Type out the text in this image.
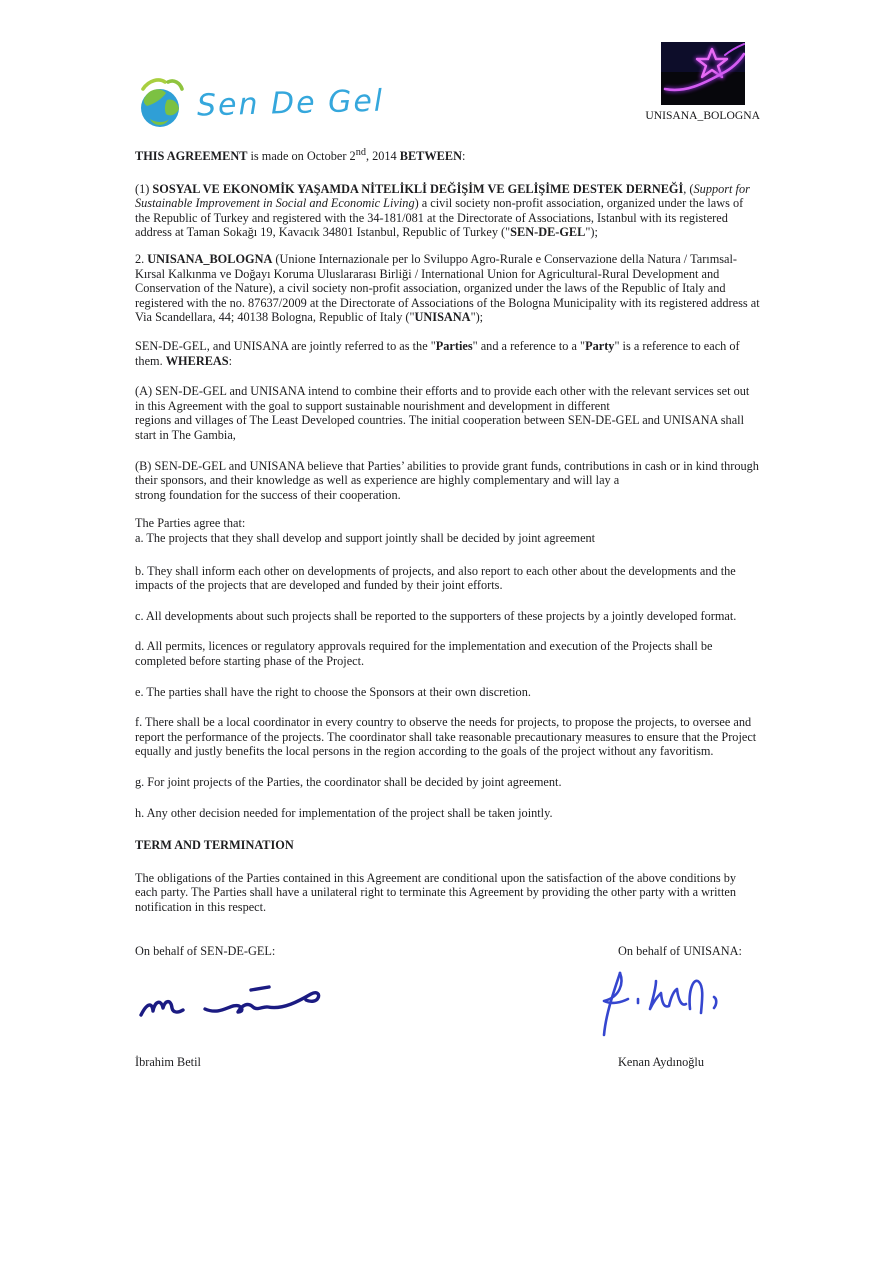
Sen De Gel	UNISANA_BOLOGNA

THIS AGREEMENT is made on October 2nd, 2014 BETWEEN:

(1) SOSYAL VE EKONOMİK YAŞAMDA NİTELİKLİ DEĞİŞİM VE GELİŞİME DESTEK DERNEĞİ, (Support for Sustainable Improvement in Social and Economic Living) a civil society non-profit association, organized under the laws of the Republic of Turkey and registered with the 34-181/081 at the Directorate of Associations, Istanbul with its registered address at Taman Sokağı 19, Kavacık 34801 Istanbul, Republic of Turkey ("SEN-DE-GEL");

2. UNISANA_BOLOGNA (Unione Internazionale per lo Sviluppo Agro-Rurale e Conservazione della Natura / Tarımsal-Kırsal Kalkınma ve Doğayı Koruma Uluslararası Birliği / International Union for Agricultural-Rural Development and Conservation of the Nature), a civil society non-profit association, organized under the laws of the Republic of Italy and registered with the no. 87637/2009 at the Directorate of Associations of the Bologna Municipality with its registered address at Via Scandellara, 44; 40138 Bologna, Republic of Italy ("UNISANA");

SEN-DE-GEL, and UNISANA are jointly referred to as the "Parties" and a reference to a "Party" is a reference to each of them. WHEREAS:

(A) SEN-DE-GEL and UNISANA intend to combine their efforts and to provide each other with the relevant services set out in this Agreement with the goal to support sustainable nourishment and development in different
regions and villages of The Least Developed countries. The initial cooperation between SEN-DE-GEL and UNISANA shall start in The Gambia,

(B) SEN-DE-GEL and UNISANA believe that Parties’ abilities to provide grant funds, contributions in cash or in kind through their sponsors, and their knowledge as well as experience are highly complementary and will lay a
strong foundation for the success of their cooperation.

The Parties agree that:
a. The projects that they shall develop and support jointly shall be decided by joint agreement

b. They shall inform each other on developments of projects, and also report to each other about the developments and the impacts of the projects that are developed and funded by their joint efforts.

c. All developments about such projects shall be reported to the supporters of these projects by a jointly developed format.

d. All permits, licences or regulatory approvals required for the implementation and execution of the Projects shall be completed before starting phase of the Project.

e. The parties shall have the right to choose the Sponsors at their own discretion.

f. There shall be a local coordinator in every country to observe the needs for projects, to propose the projects, to oversee and report the performance of the projects. The coordinator shall take reasonable precautionary measures to ensure that the Project equally and justly benefits the local persons in the region according to the goals of the project without any favoritism.

g. For joint projects of the Parties, the coordinator shall be decided by joint agreement.

h. Any other decision needed for implementation of the project shall be taken jointly.

TERM AND TERMINATION

The obligations of the Parties contained in this Agreement are conditional upon the satisfaction of the above conditions by each party. The Parties shall have a unilateral right to terminate this Agreement by providing the other party with a written notification in this respect.

On behalf of SEN-DE-GEL:
İbrahim Betil
On behalf of UNISANA:
Kenan Aydınoğlu
